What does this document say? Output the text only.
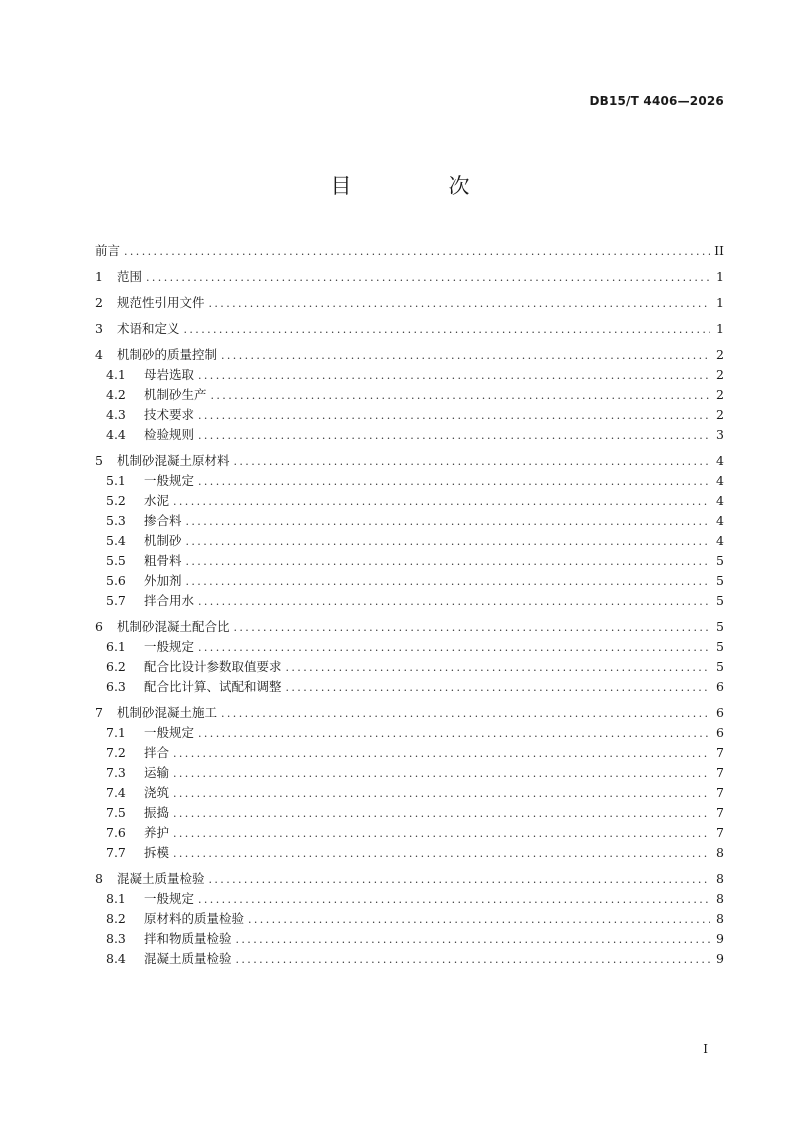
DB15/T 4406—2026
目　次
前言 .....	II
1	范围 .....	1
2	规范性引用文件 .....	1
3	术语和定义 .....	1
4	机制砂的质量控制 .....	2
4.1	母岩选取 .....	2
4.2	机制砂生产 .....	2
4.3	技术要求 .....	2
4.4	检验规则 .....	3
5	机制砂混凝土原材料 .....	4
5.1	一般规定 .....	4
5.2	水泥 .....	4
5.3	掺合料 .....	4
5.4	机制砂 .....	4
5.5	粗骨料 .....	5
5.6	外加剂 .....	5
5.7	拌合用水 .....	5
6	机制砂混凝土配合比 .....	5
6.1	一般规定 .....	5
6.2	配合比设计参数取值要求 .....	5
6.3	配合比计算、试配和调整 .....	6
7	机制砂混凝土施工 .....	6
7.1	一般规定 .....	6
7.2	拌合 .....	7
7.3	运输 .....	7
7.4	浇筑 .....	7
7.5	振捣 .....	7
7.6	养护 .....	7
7.7	拆模 .....	8
8	混凝土质量检验 .....	8
8.1	一般规定 .....	8
8.2	原材料的质量检验 .....	8
8.3	拌和物质量检验 .....	9
8.4	混凝土质量检验 .....	9
I
